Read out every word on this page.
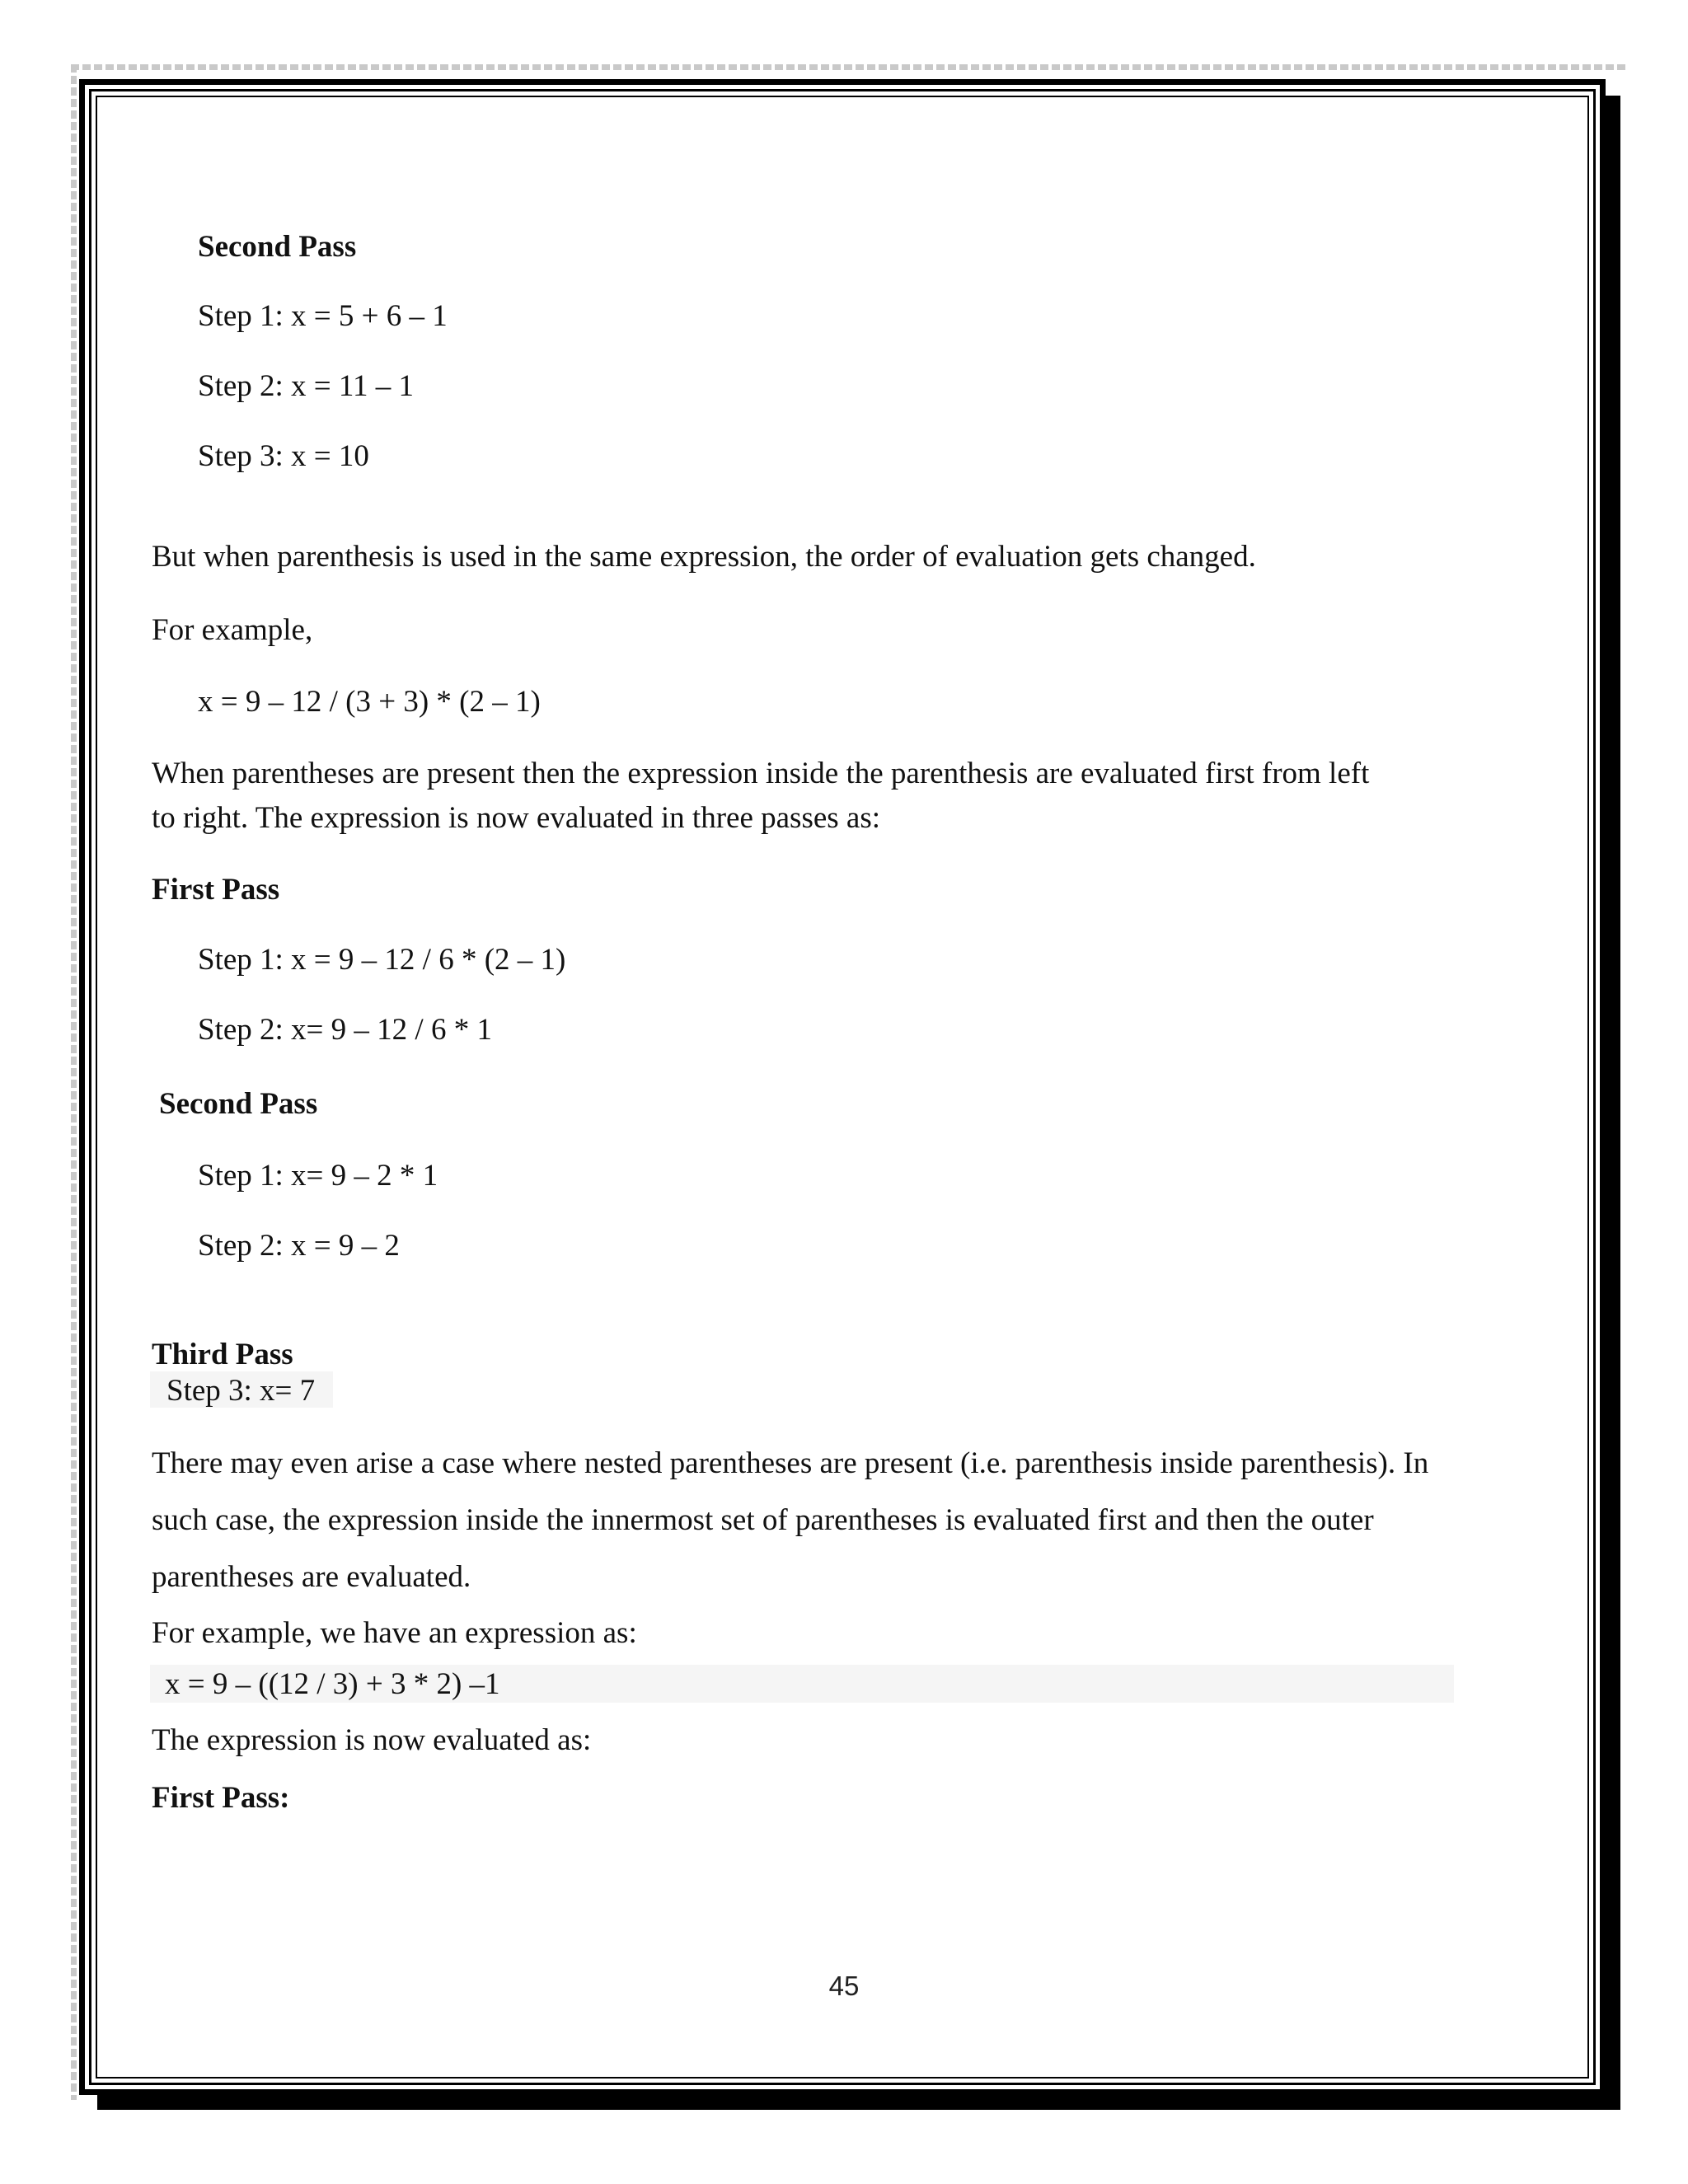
Second Pass
Step 1: x = 5 + 6 – 1
Step 2: x = 11 – 1
Step 3: x = 10
But when parenthesis is used in the same expression, the order of evaluation gets changed.
For example,
x = 9 – 12 / (3 + 3) * (2 – 1)
When parentheses are present then the expression inside the parenthesis are evaluated first from left
to right. The expression is now evaluated in three passes as:
First Pass
Step 1: x = 9 – 12 / 6 * (2 – 1)
Step 2: x= 9 – 12 / 6 * 1
Second Pass
Step 1: x= 9 – 2 * 1
Step 2: x = 9 – 2
Third Pass
Step 3: x= 7
There may even arise a case where nested parentheses are present (i.e. parenthesis inside parenthesis). In
such case, the expression inside the innermost set of parentheses is evaluated first and then the outer
parentheses are evaluated.
For example, we have an expression as:
x = 9 – ((12 / 3) + 3 * 2) –1
The expression is now evaluated as:
First Pass:
45
